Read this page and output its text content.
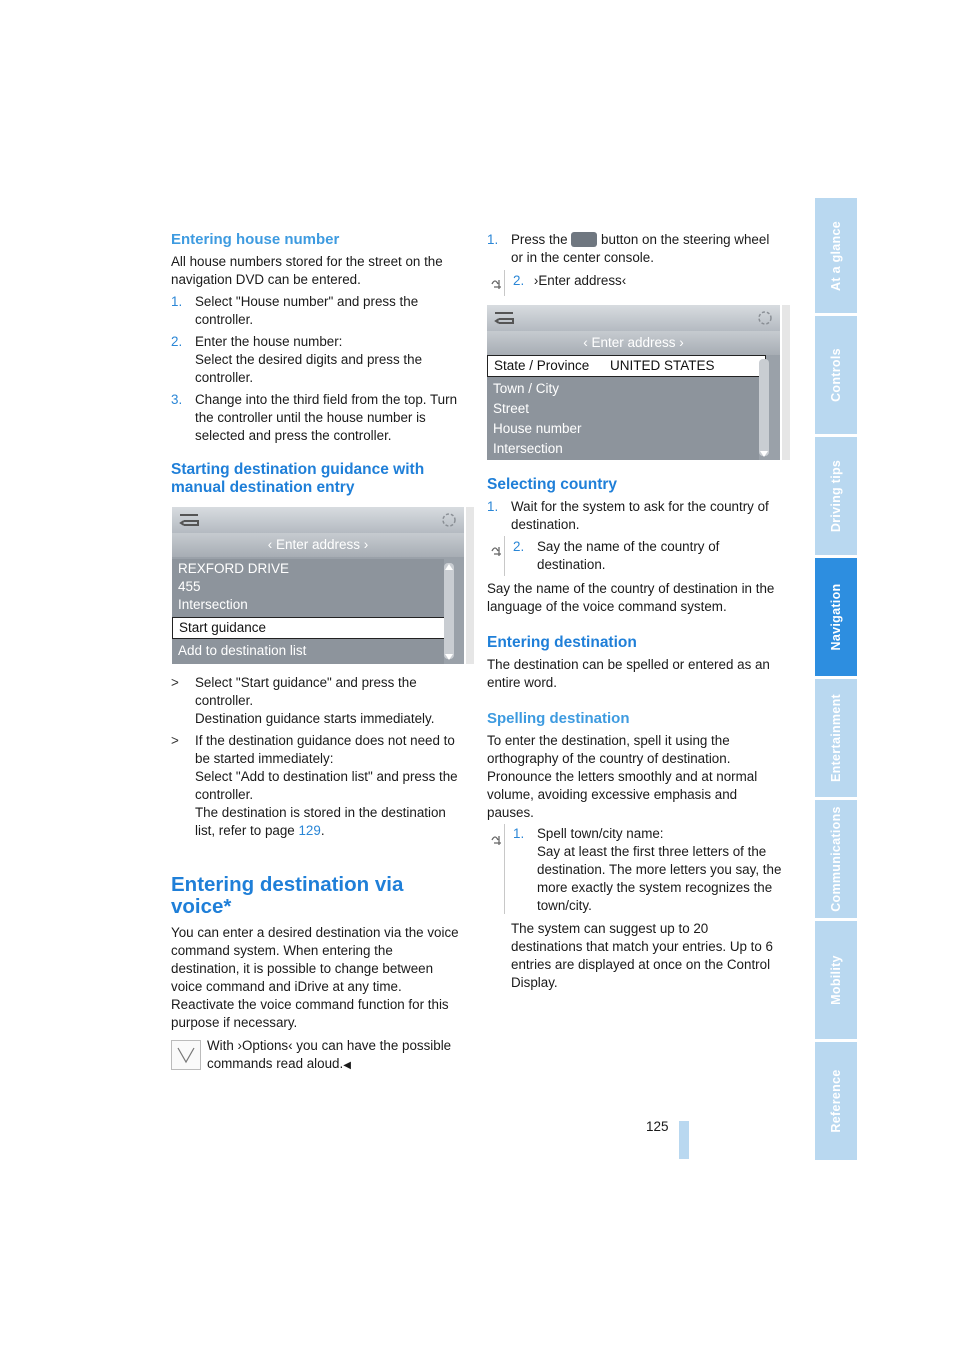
Entering house number

All house numbers stored for the street on the navigation DVD can be entered.

1. Select "House number" and press the controller.
2. Enter the house number:
Select the desired digits and press the controller.
3. Change into the third field from the top. Turn the controller until the house number is selected and press the controller.

Starting destination guidance with manual destination entry

‹ Enter address ›
REXFORD DRIVE
455
Intersection
Start guidance
Add to destination list
> Select "Start guidance" and press the controller.
Destination guidance starts immediately.
> If the destination guidance does not need to be started immediately:
Select "Add to destination list" and press the controller.
The destination is stored in the destination list, refer to page 129.

Entering destination via voice*

You can enter a desired destination via the voice command system. When entering the destination, it is possible to change between voice command and iDrive at any time. Reactivate the voice command function for this purpose if necessary.

With ›Options‹ you can have the possible commands read aloud.◀
1. Press the button on the steering wheel or in the center console.
2. ›Enter address‹
‹ Enter address ›
State / Province UNITED STATES
Town / City
Street
House number
Intersection

Selecting country

1. Wait for the system to ask for the country of destination.
2. Say the name of the country of destination.

Say the name of the country of destination in the language of the voice command system.

Entering destination

The destination can be spelled or entered as an entire word.

Spelling destination

To enter the destination, spell it using the orthography of the country of destination. Pronounce the letters smoothly and at normal volume, avoiding excessive emphasis and pauses.

1. Spell town/city name:
Say at least the first three letters of the destination. The more letters you say, the more exactly the system recognizes the town/city.

The system can suggest up to 20 destinations that match your entries. Up to 6 entries are displayed at once on the Control Display.

125
At a glance
Controls
Driving tips
Navigation
Entertainment
Communications
Mobility
Reference
